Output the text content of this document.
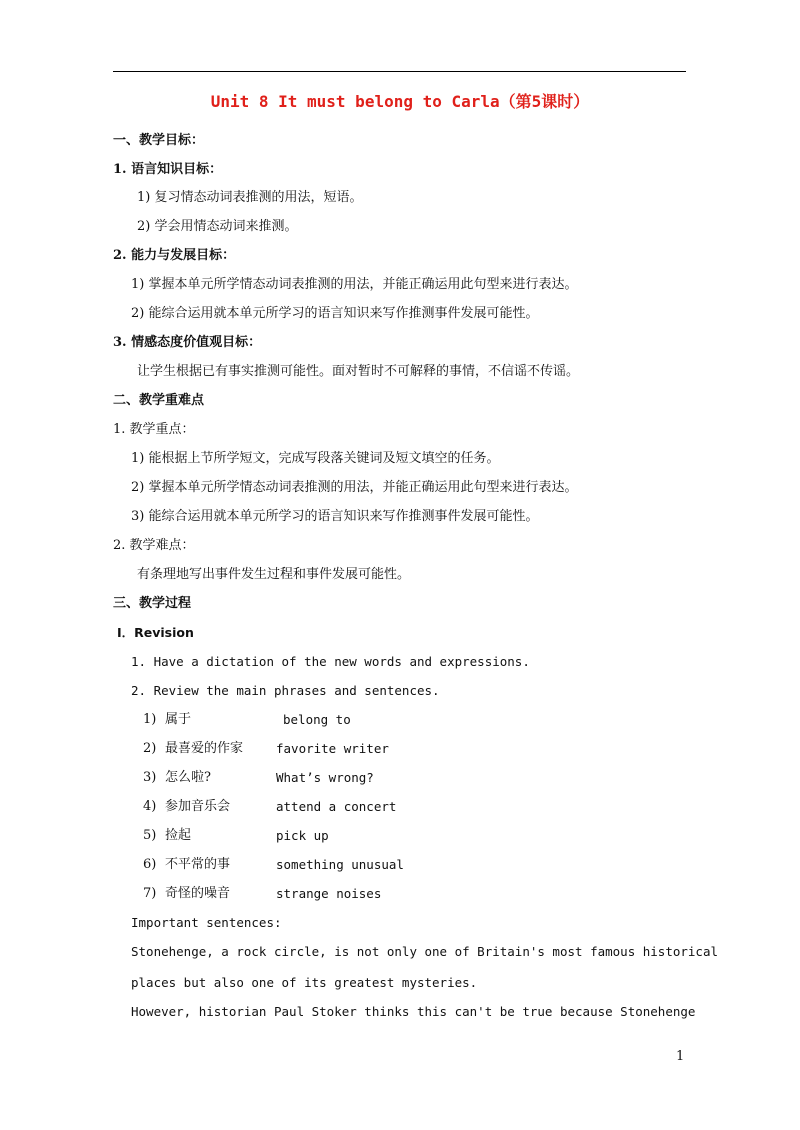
Unit 8 It must belong to Carla（第5课时）
一、教学目标：
1. 语言知识目标：
1) 复习情态动词表推测的用法，短语。
2) 学会用情态动词来推测。
2. 能力与发展目标：
1) 掌握本单元所学情态动词表推测的用法，并能正确运用此句型来进行表达。
2) 能综合运用就本单元所学习的语言知识来写作推测事件发展可能性。
3. 情感态度价值观目标：
让学生根据已有事实推测可能性。面对暂时不可解释的事情，不信谣不传谣。
二、教学重难点
1. 教学重点：
1) 能根据上节所学短文，完成写段落关键词及短文填空的任务。
2) 掌握本单元所学情态动词表推测的用法，并能正确运用此句型来进行表达。
3) 能综合运用就本单元所学习的语言知识来写作推测事件发展可能性。
2. 教学难点：
有条理地写出事件发生过程和事件发展可能性。
三、教学过程
Ⅰ．Revision
1. Have a dictation of the new words and expressions.
2. Review the main phrases and sentences.
1) 属于	belong to
2) 最喜爱的作家	favorite writer
3) 怎么啦?	What’s wrong?
4) 参加音乐会	attend a concert
5) 捡起	pick up
6) 不平常的事	something unusual
7) 奇怪的噪音	strange noises
Important sentences:
Stonehenge, a rock circle, is not only one of Britain's most famous historical
places but also one of its greatest mysteries.
However, historian Paul Stoker thinks this can't be true because Stonehenge
1
